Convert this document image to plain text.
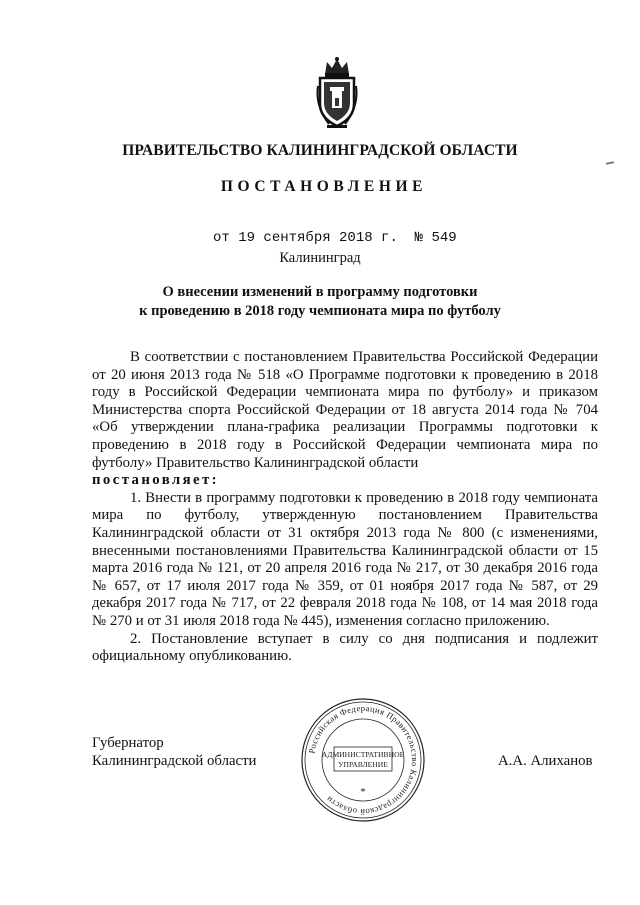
ПРАВИТЕЛЬСТВО КАЛИНИНГРАДСКОЙ ОБЛАСТИ
ПОСТАНОВЛЕНИЕ
от 19 сентября 2018 г. № 549
Калининград
О внесении изменений в программу подготовки
к проведению в 2018 году чемпионата мира по футболу

В соответствии с постановлением Правительства Российской Федерации от 20 июня 2013 года № 518 «О Программе подготовки к проведению в 2018 году в Российской Федерации чемпионата мира по футболу» и приказом Министерства спорта Российской Федерации от 18 августа 2014 года № 704 «Об утверждении плана-графика реализации Программы подготовки к проведению в 2018 году в Российской Федерации чемпионата мира по футболу» Правительство Калининградской области

постановляет:

1. Внести в программу подготовки к проведению в 2018 году чемпионата мира по футболу, утвержденную постановлением Правительства Калининградской области от 31 октября 2013 года № 800 (с изменениями, внесенными постановлениями Правительства Калининградской области от 15 марта 2016 года № 121, от 20 апреля 2016 года № 217, от 30 декабря 2016 года № 657, от 17 июля 2017 года № 359, от 01 ноября 2017 года № 587, от 29 декабря 2017 года № 717, от 22 февраля 2018 года № 108, от 14 мая 2018 года № 270 и от 31 июля 2018 года № 445), изменения согласно приложению.

2. Постановление вступает в силу со дня подписания и подлежит официальному опубликованию.

Губернатор
Калининградской области	А.А. Алиханов
Российская Федерация Правительство Калининградской области
АДМИНИСТРАТИВНОЕ
УПРАВЛЕНИЕ
*
